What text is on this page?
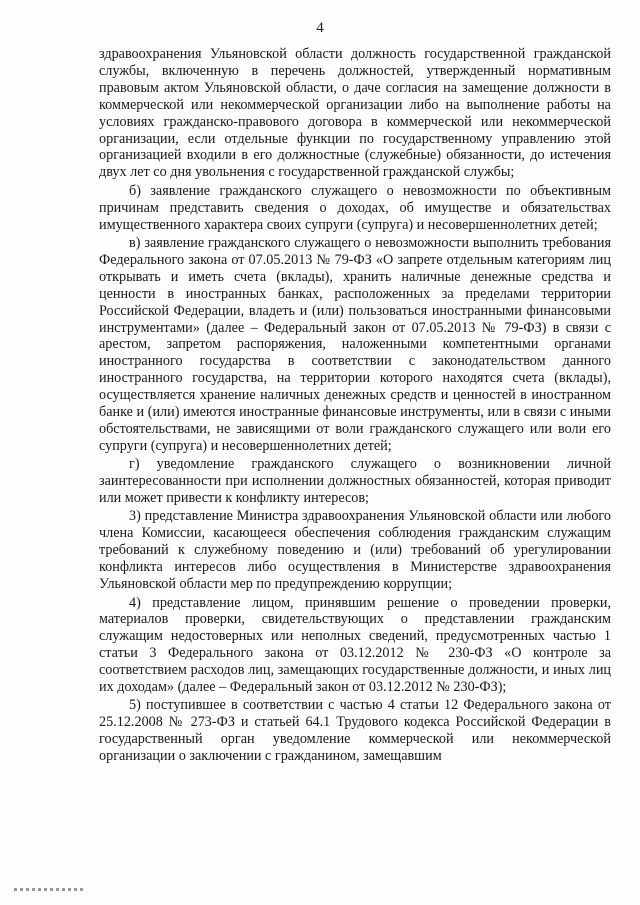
4

здравоохранения Ульяновской области должность государственной гражданской службы, включенную в перечень должностей, утвержденный нормативным правовым актом Ульяновской области, о даче согласия на замещение должности в коммерческой или некоммерческой организации либо на выполнение работы на условиях гражданско-правового договора в коммерческой или некоммерческой организации, если отдельные функции по государственному управлению этой организацией входили в его должностные (служебные) обязанности, до истечения двух лет со дня увольнения с государственной гражданской службы;

б) заявление гражданского служащего о невозможности по объективным причинам представить сведения о доходах, об имуществе и обязательствах имущественного характера своих супруги (супруга) и несовершеннолетних детей;

в) заявление гражданского служащего о невозможности выполнить требования Федерального закона от 07.05.2013 № 79-ФЗ «О запрете отдельным категориям лиц открывать и иметь счета (вклады), хранить наличные денежные средства и ценности в иностранных банках, расположенных за пределами территории Российской Федерации, владеть и (или) пользоваться иностранными финансовыми инструментами» (далее – Федеральный закон от 07.05.2013 № 79-ФЗ) в связи с арестом, запретом распоряжения, наложенными компетентными органами иностранного государства в соответствии с законодательством данного иностранного государства, на территории которого находятся счета (вклады), осуществляется хранение наличных денежных средств и ценностей в иностранном банке и (или) имеются иностранные финансовые инструменты, или в связи с иными обстоятельствами, не зависящими от воли гражданского служащего или воли его супруги (супруга) и несовершеннолетних детей;

г) уведомление гражданского служащего о возникновении личной заинтересованности при исполнении должностных обязанностей, которая приводит или может привести к конфликту интересов;

3) представление Министра здравоохранения Ульяновской области или любого члена Комиссии, касающееся обеспечения соблюдения гражданским служащим требований к служебному поведению и (или) требований об урегулировании конфликта интересов либо осуществления в Министерстве здравоохранения Ульяновской области мер по предупреждению коррупции;

4) представление лицом, принявшим решение о проведении проверки, материалов проверки, свидетельствующих о представлении гражданским служащим недостоверных или неполных сведений, предусмотренных частью 1 статьи 3 Федерального закона от 03.12.2012 № 230-ФЗ «О контроле за соответствием расходов лиц, замещающих государственные должности, и иных лиц их доходам» (далее – Федеральный закон от 03.12.2012 № 230-ФЗ);

5) поступившее в соответствии с частью 4 статьи 12 Федерального закона от 25.12.2008 № 273-ФЗ и статьей 64.1 Трудового кодекса Российской Федерации в государственный орган уведомление коммерческой или некоммерческой организации о заключении с гражданином, замещавшим
